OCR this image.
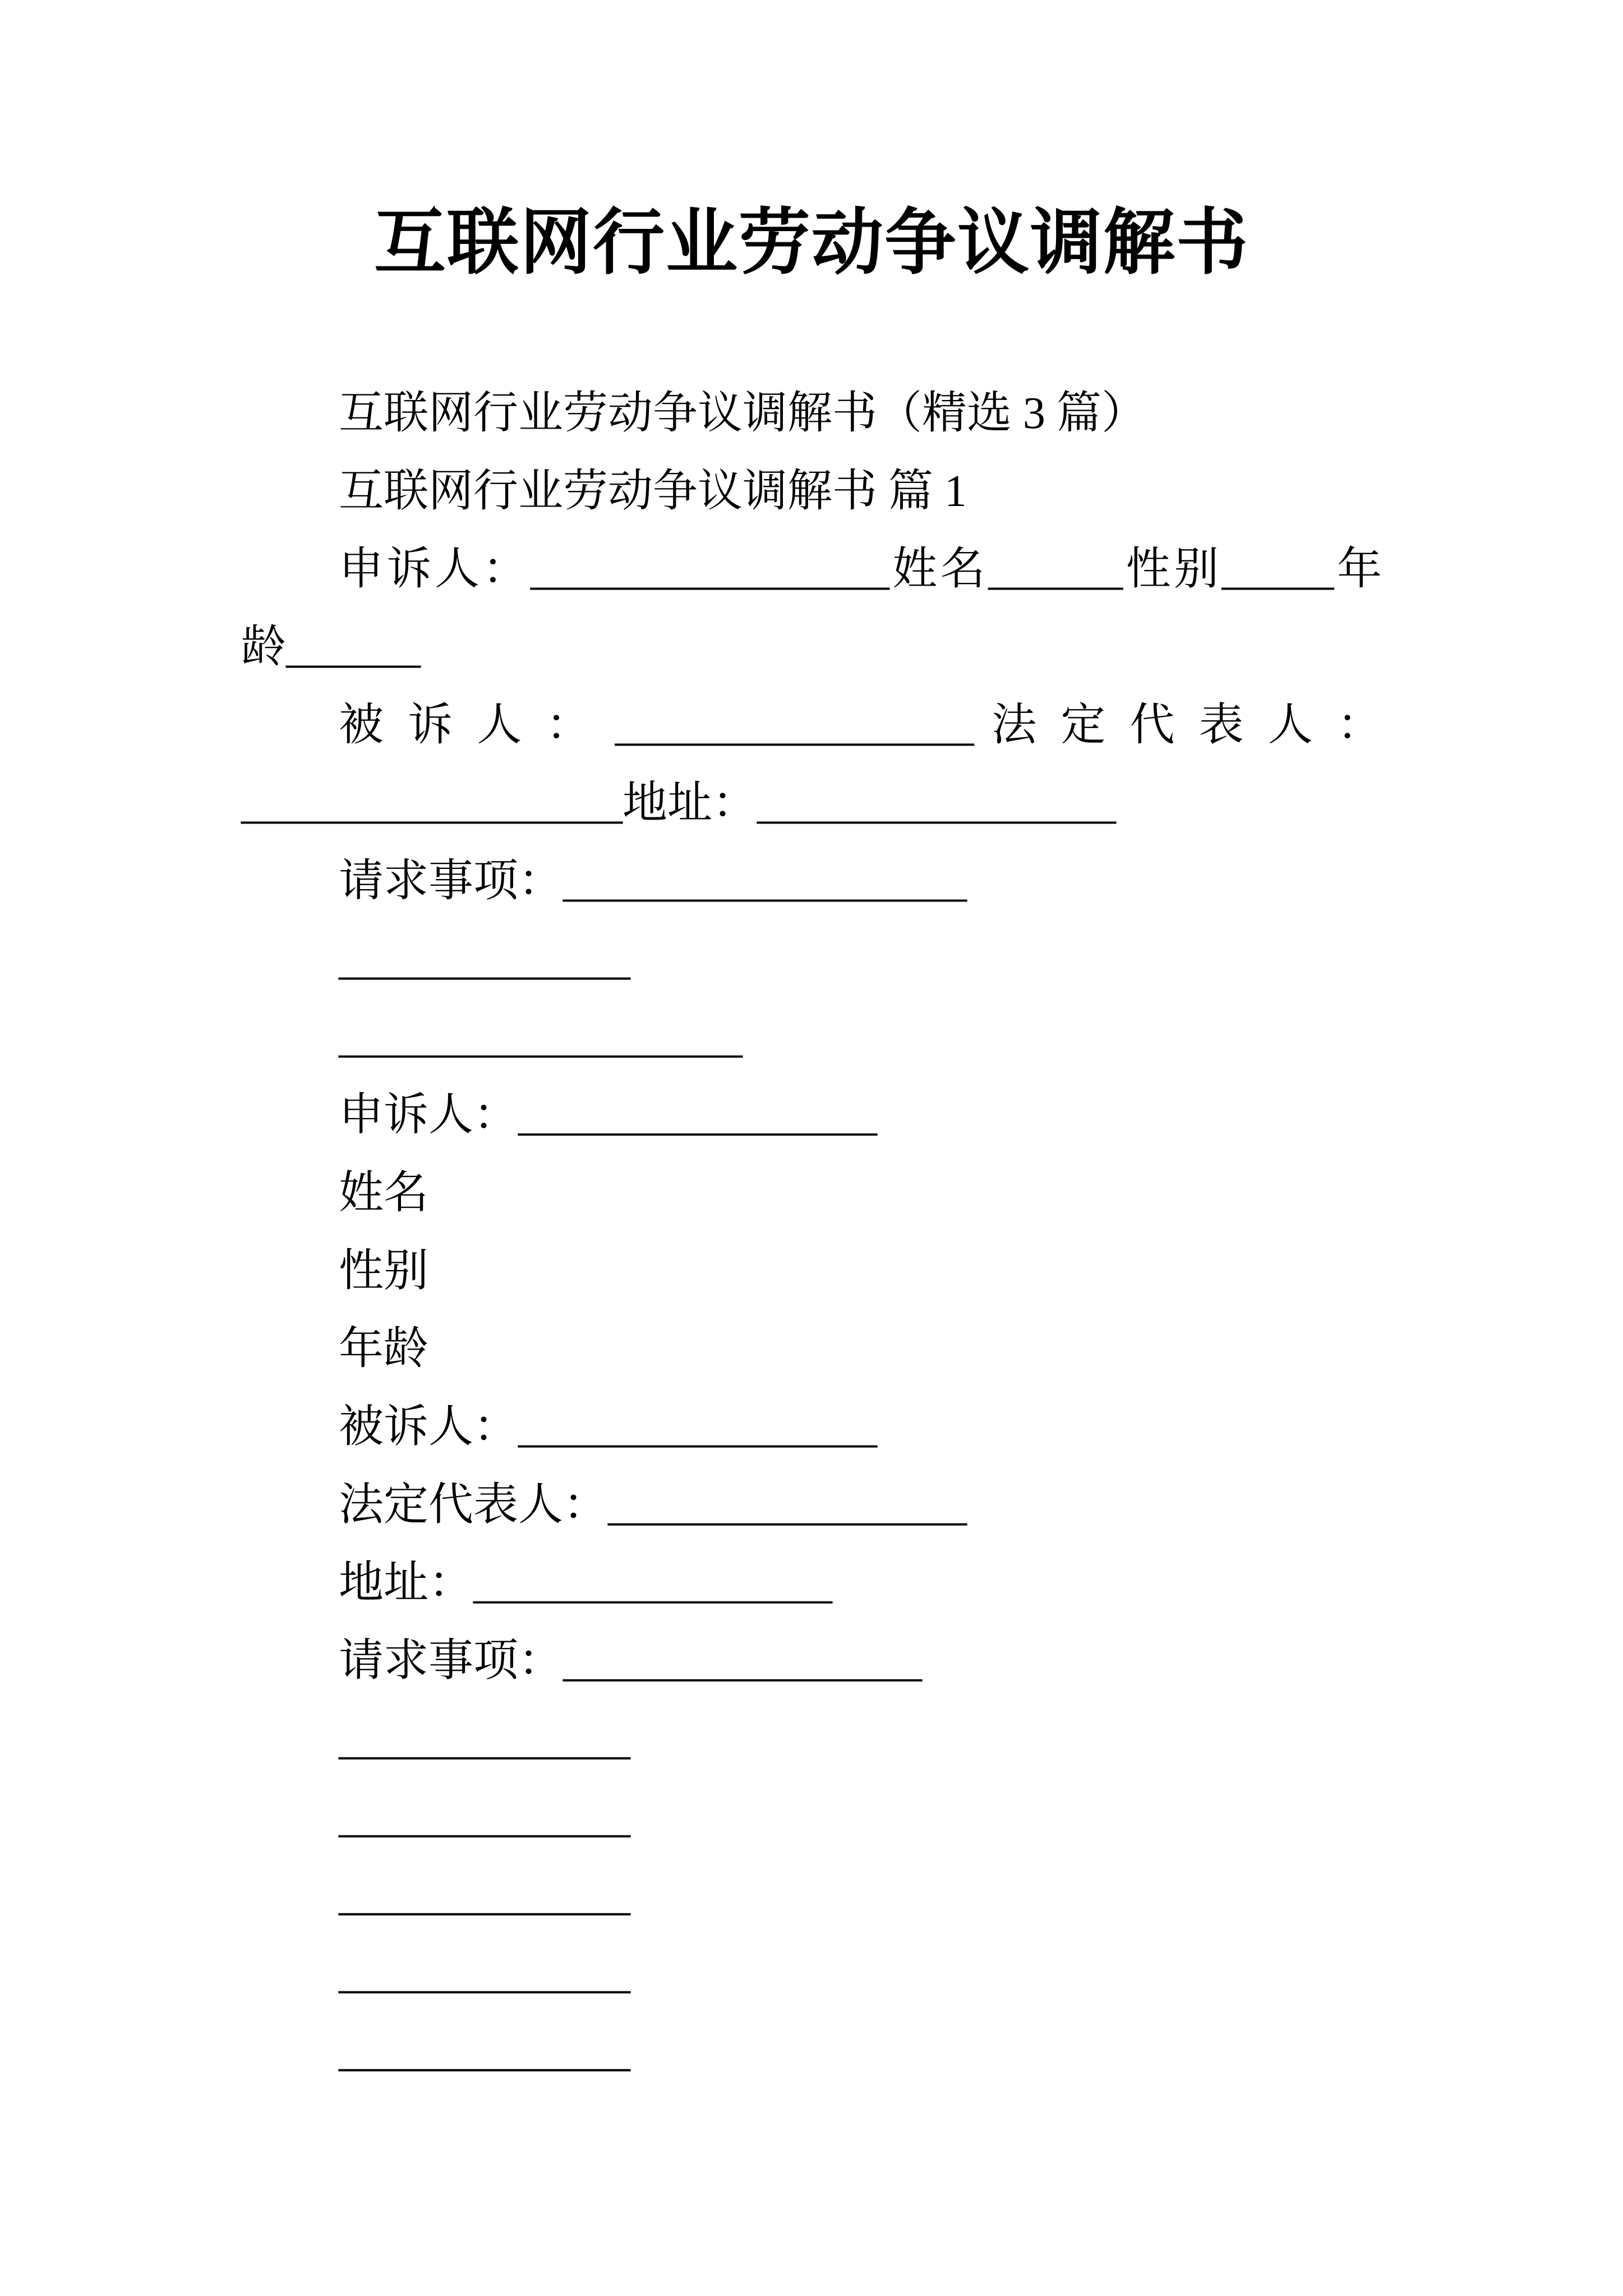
互联网行业劳动争议调解书
互联网行业劳动争议调解书（精选 3 篇）
互联网行业劳动争议调解书 篇 1
申诉人：________________姓名______性别_____年
龄______
被 诉 人 ： ________________ 法 定 代 表 人 ：
_________________地址：________________
请求事项：__________________
_____________
__________________
申诉人：________________
姓名
性别
年龄
被诉人：________________
法定代表人：________________
地址：________________
请求事项：________________
_____________
_____________
_____________
_____________
_____________
